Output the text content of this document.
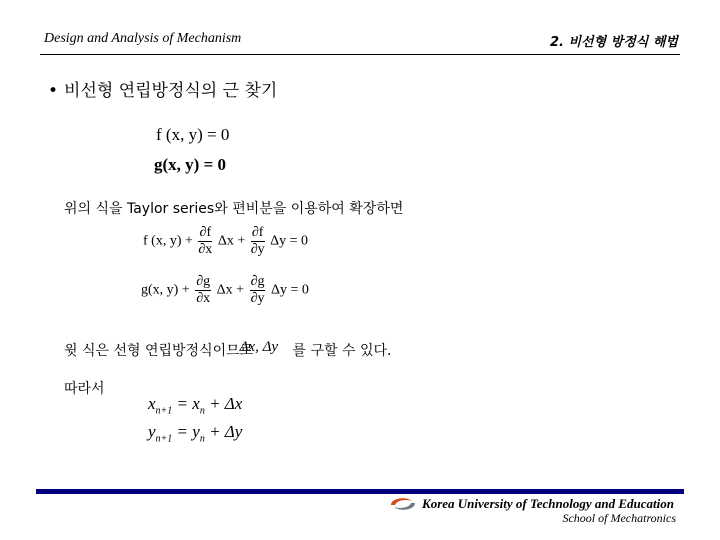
Design and Analysis of Mechanism	2. 비선형 방정식 해법
• 비선형 연립방정식의 근 찾기
f (x, y) = 0
g(x, y) = 0
위의 식을 Taylor series와 편비분을 이용하여 확장하면
f (x, $y) + \frac{\partial f}{\partial x}$ $\Delta x + \frac{\partial f}{\partial y}$ Δy = 0
g(x, $y) + \frac{\partial g}{\partial x}$ $\Delta x + \frac{\partial g}{\partial y}$ Δy = 0
윗 식은 선형 연립방정식이므로 Δx, Δy 를 구할 수 있다.
따라서
$x_{n+1} = x_n + \Delta x$
$y_{n+1} = y_n + \Delta y$
Korea University of Technology and Education
School of Mechatronics
